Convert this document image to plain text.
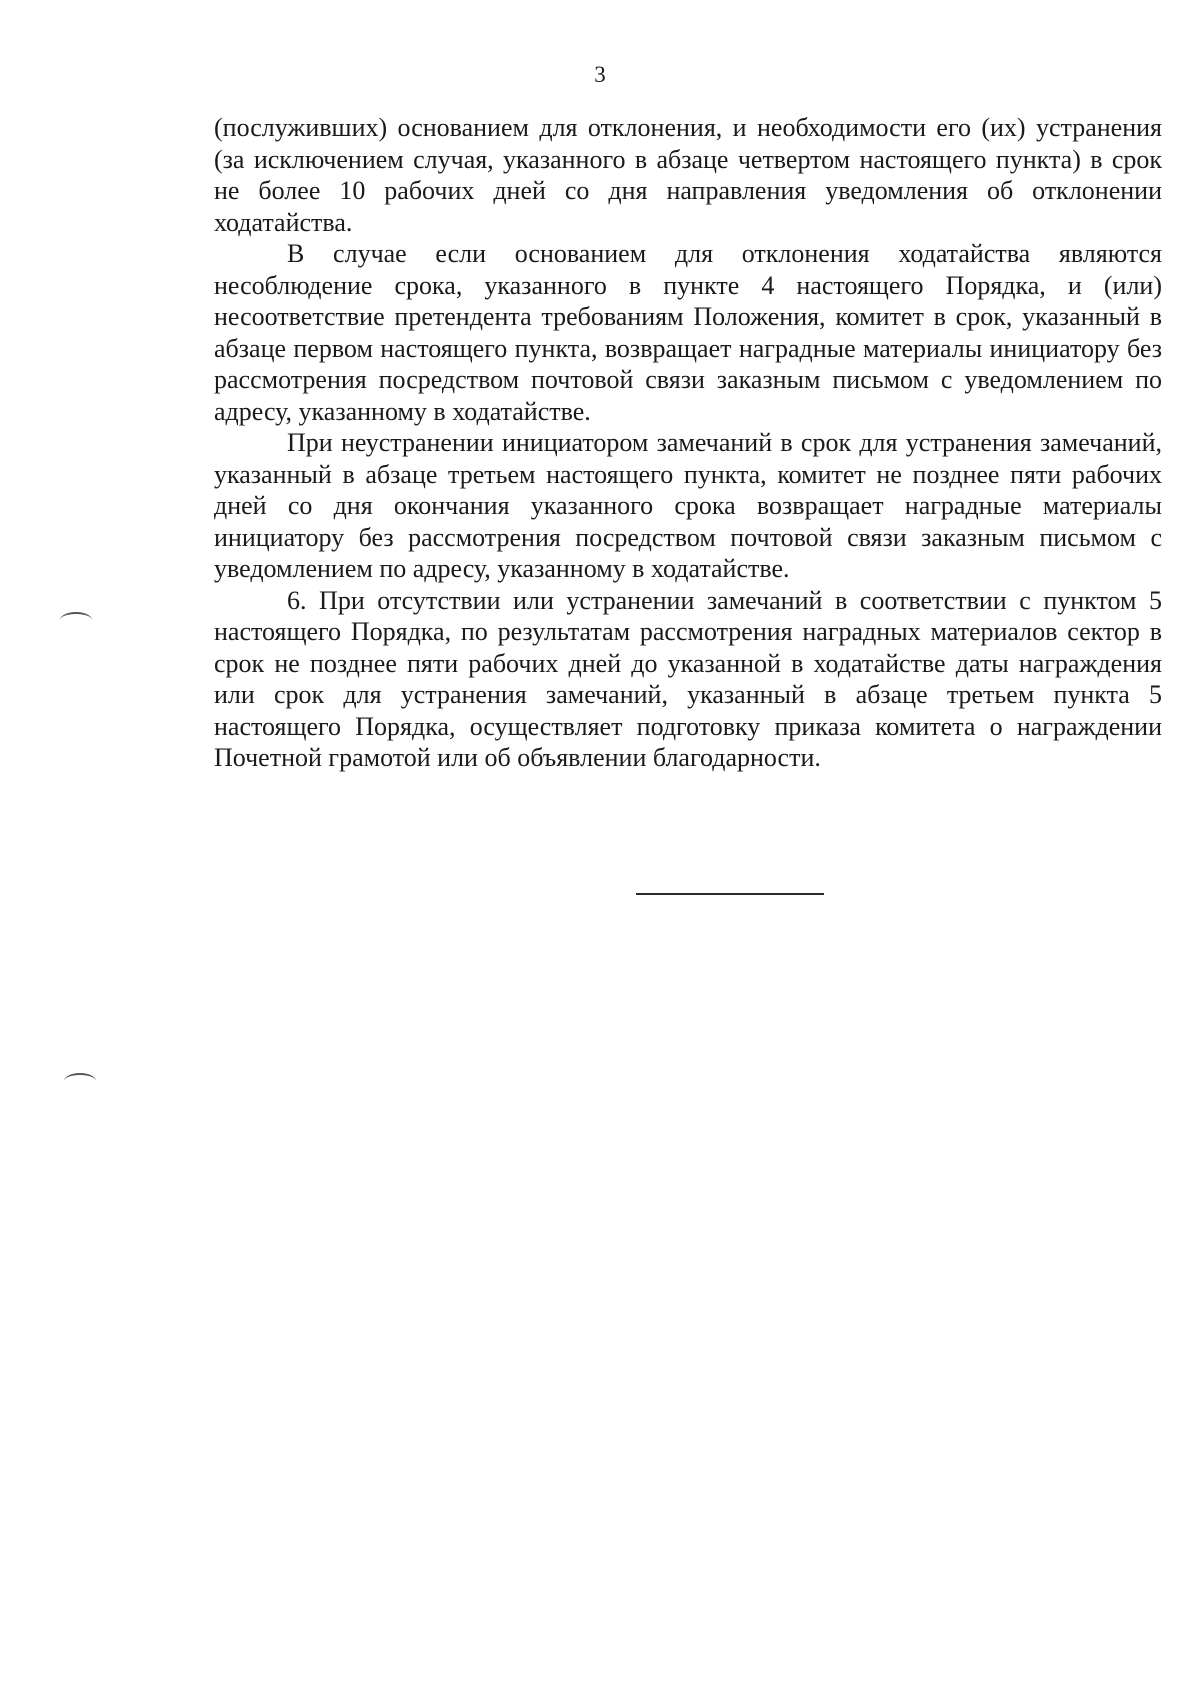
3

(послуживших) основанием для отклонения, и необходимости его (их) устранения (за исключением случая, указанного в абзаце четвертом настоящего пункта) в срок не более 10 рабочих дней со дня направления уведомления об отклонении ходатайства.

В случае если основанием для отклонения ходатайства являются несоблюдение срока, указанного в пункте 4 настоящего Порядка, и (или) несоответствие претендента требованиям Положения, комитет в срок, указанный в абзаце первом настоящего пункта, возвращает наградные материалы инициатору без рассмотрения посредством почтовой связи заказным письмом с уведомлением по адресу, указанному в ходатайстве.

При неустранении инициатором замечаний в срок для устранения замечаний, указанный в абзаце третьем настоящего пункта, комитет не позднее пяти рабочих дней со дня окончания указанного срока возвращает наградные материалы инициатору без рассмотрения посредством почтовой связи заказным письмом с уведомлением по адресу, указанному в ходатайстве.

6. При отсутствии или устранении замечаний в соответствии с пунктом 5 настоящего Порядка, по результатам рассмотрения наградных материалов сектор в срок не позднее пяти рабочих дней до указанной в ходатайстве даты награждения или срок для устранения замечаний, указанный в абзаце третьем пункта 5 настоящего Порядка, осуществляет подготовку приказа комитета о награждении Почетной грамотой или об объявлении благодарности.
